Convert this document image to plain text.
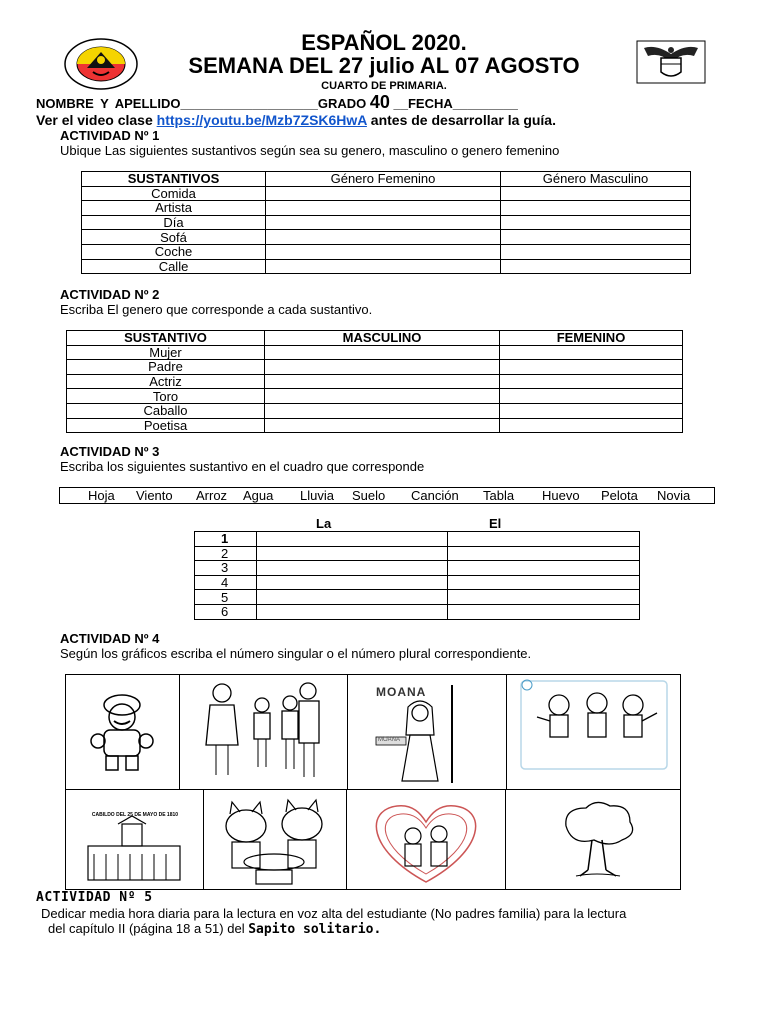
ESPAÑOL 2020.
SEMANA DEL 27 julio AL 07 AGOSTO
CUARTO DE PRIMARIA.
NOMBRE Y APELLIDO___________________GRADO 40 __FECHA_________
Ver el video clase https://youtu.be/Mzb7ZSK6HwA antes de desarrollar la guía.
ACTIVIDAD Nº 1
Ubique Las siguientes sustantivos según sea su genero, masculino o genero femenino
SUSTANTIVOS	Género Femenino	Género Masculino
Comida		
Artista		
Día		
Sofá		
Coche		
Calle		
ACTIVIDAD Nº 2
Escriba El genero que corresponde a cada sustantivo.
SUSTANTIVO	MASCULINO	FEMENINO
Mujer		
Padre		
Actriz		
Toro		
Caballo		
Poetisa		
ACTIVIDAD Nº 3
Escriba los siguientes sustantivo en el cuadro que corresponde
Hoja Viento Arroz Agua Lluvia Suelo Canción Tabla Huevo Pelota Novia
La	El
1		
2		
3		
4		
5		
6		
ACTIVIDAD Nº 4
Según los gráficos escriba el número singular o el número plural correspondiente.
MOANA
MOANA
CABILDO DEL 25 DE MAYO DE 1810
ACTIVIDAD Nº 5
Dedicar media hora diaria para la lectura en voz alta del estudiante (No padres familia) para la lectura
del capítulo II (página 18 a 51) del Sapito solitario.
